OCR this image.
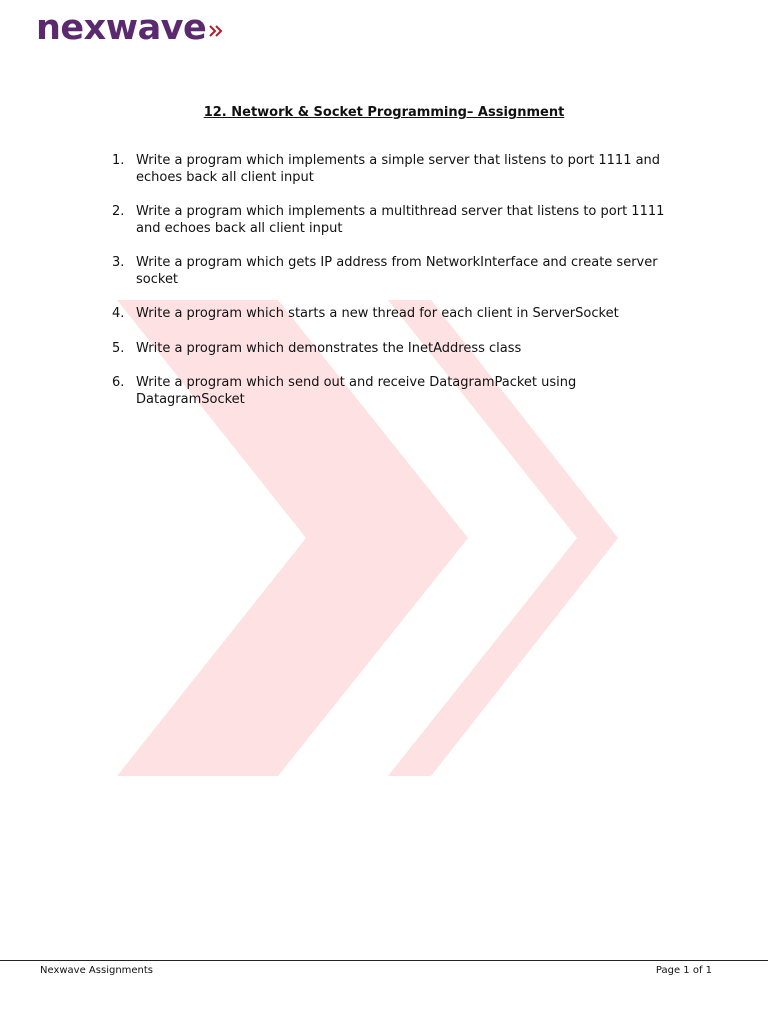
nexwave
12. Network & Socket Programming– Assignment
1. Write a program which implements a simple server that listens to port 1111 and echoes back all client input
2. Write a program which implements a multithread server that listens to port 1111 and echoes back all client input
3. Write a program which gets IP address from NetworkInterface and create server socket
4. Write a program which starts a new thread for each client in ServerSocket
5. Write a program which demonstrates the InetAddress class
6. Write a program which send out and receive DatagramPacket using DatagramSocket
Nexwave Assignments	Page 1 of 1
